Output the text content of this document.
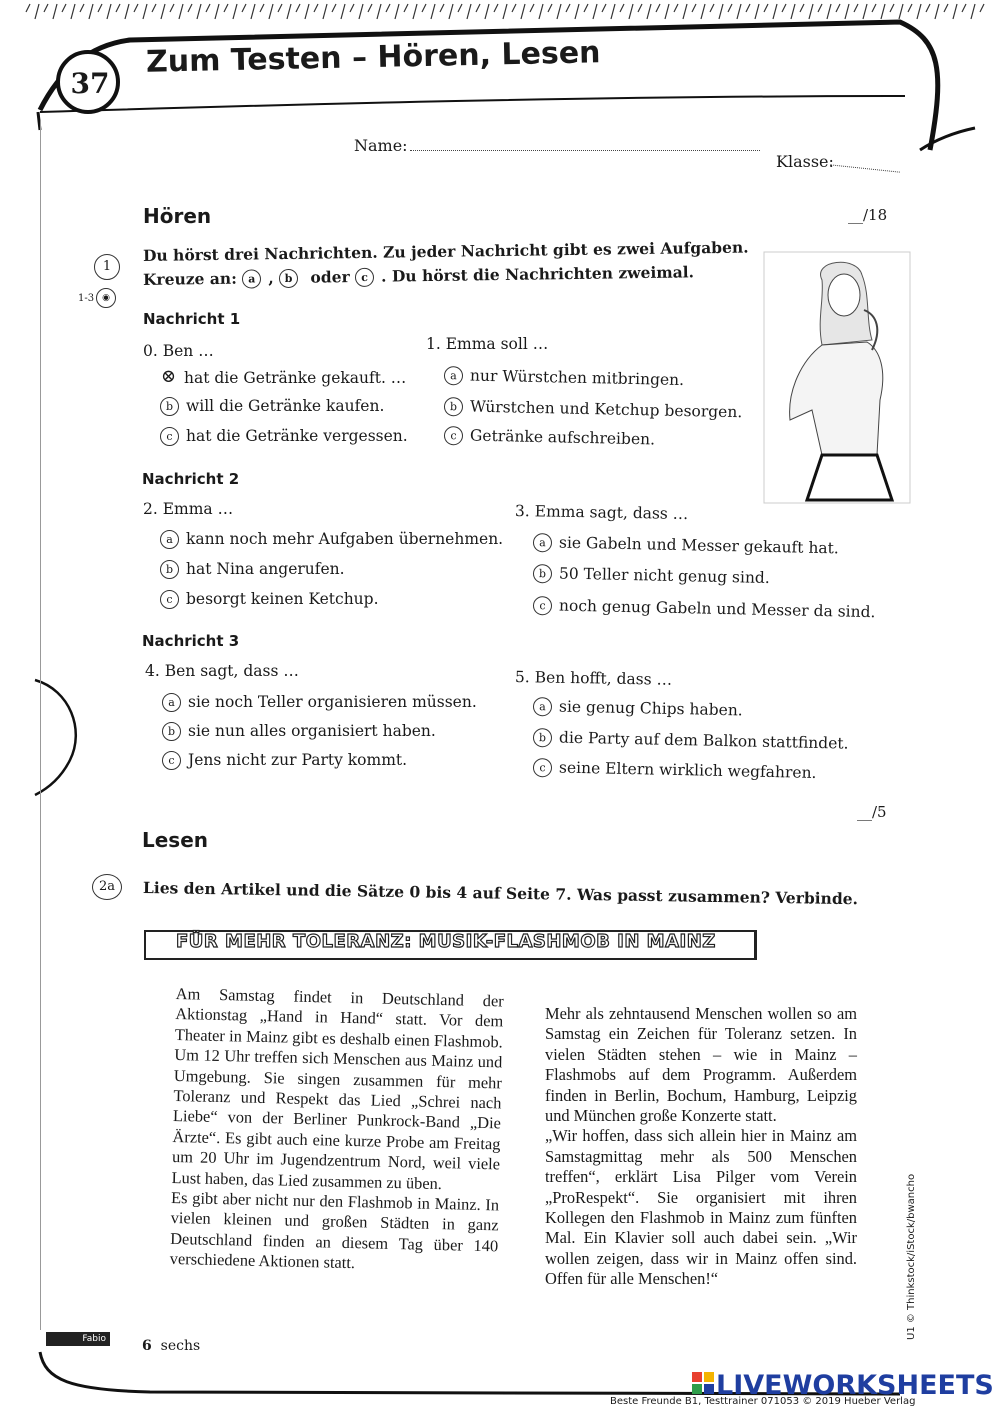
37
Zum Testen – Hören, Lesen
Name:
Klasse:
Hören	__/18
1
1-3 ◉
Du hörst drei Nachrichten. Zu jeder Nachricht gibt es zwei Aufgaben.
Kreuze an: a , b oder c . Du hörst die Nachrichten zweimal.
Nachricht 1
0. Ben …
⊗ hat die Getränke gekauft. …
b will die Getränke kaufen.
c hat die Getränke vergessen.
1. Emma soll …
a nur Würstchen mitbringen.
b Würstchen und Ketchup besorgen.
c Getränke aufschreiben.
Nachricht 2
2. Emma …
a kann noch mehr Aufgaben übernehmen.
b hat Nina angerufen.
c besorgt keinen Ketchup.
3. Emma sagt, dass …
a sie Gabeln und Messer gekauft hat.
b 50 Teller nicht genug sind.
c noch genug Gabeln und Messer da sind.
Nachricht 3
4. Ben sagt, dass …
a sie noch Teller organisieren müssen.
b sie nun alles organisiert haben.
c Jens nicht zur Party kommt.
5. Ben hofft, dass …
a sie genug Chips haben.
b die Party auf dem Balkon stattfindet.
c seine Eltern wirklich wegfahren.
__/5
Lesen
2a	Lies den Artikel und die Sätze 0 bis 4 auf Seite 7. Was passt zusammen? Verbinde.
FÜR MEHR TOLERANZ: MUSIK-FLASHMOB IN MAINZ

Am Samstag findet in Deutschland der Aktionstag „Hand in Hand“ statt. Vor dem Theater in Mainz gibt es deshalb einen Flashmob. Um 12 Uhr treffen sich Menschen aus Mainz und Umgebung. Sie singen zusammen für mehr Toleranz und Respekt das Lied „Schrei nach Liebe“ von der Berliner Punkrock-Band „Die Ärzte“. Es gibt auch eine kurze Probe am Freitag um 20 Uhr im Jugendzentrum Nord, weil viele Lust haben, das Lied zusammen zu üben.

Es gibt aber nicht nur den Flashmob in Mainz. In vielen kleinen und großen Städten in ganz Deutschland finden an diesem Tag über 140 verschiedene Aktionen statt.

Mehr als zehntausend Menschen wollen so am Samstag ein Zeichen für Toleranz setzen. In vielen Städten stehen – wie in Mainz – Flashmobs auf dem Programm. Außerdem finden in Berlin, Bochum, Hamburg, Leipzig und München große Konzerte statt.

„Wir hoffen, dass sich allein hier in Mainz am Samstagmittag mehr als 500 Menschen treffen“, erklärt Lisa Pilger vom Verein „ProRespekt“. Sie organisiert mit ihren Kollegen den Flashmob in Mainz zum fünften Mal. Ein Klavier soll auch dabei sein. „Wir wollen zeigen, dass wir in Mainz offen sind. Offen für alle Menschen!“

Fabio	6 sechs
U1 © Thinkstock/iStock/bwancho
LIVEWORKSHEETS
Beste Freunde B1, Testtrainer 071053 © 2019 Hueber Verlag
